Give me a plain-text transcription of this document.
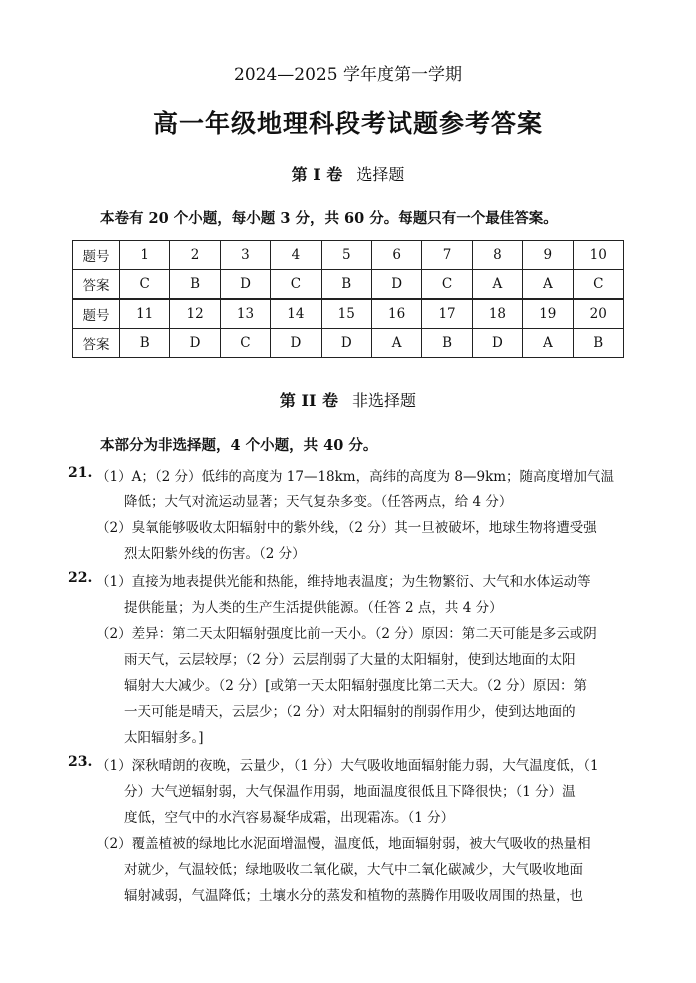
2024—2025 学年度第一学期
高一年级地理科段考试题参考答案
第 I 卷 选择题
本卷有 20 个小题，每小题 3 分，共 60 分。每题只有一个最佳答案。
题号	1	2	3	4	5	6	7	8	9	10
答案	C	B	D	C	B	D	C	A	A	C
题号	11	12	13	14	15	16	17	18	19	20
答案	B	D	C	D	D	A	B	D	A	B
第 II 卷 非选择题
本部分为非选择题，4 个小题，共 40 分。
21. （1）A；（2 分）低纬的高度为 17—18km，高纬的高度为 8—9km；随高度增加气温
降低；大气对流运动显著；天气复杂多变。（任答两点，给 4 分）
（2）臭氧能够吸收太阳辐射中的紫外线，（2 分）其一旦被破坏，地球生物将遭受强
烈太阳紫外线的伤害。（2 分）
22. （1）直接为地表提供光能和热能，维持地表温度；为生物繁衍、大气和水体运动等
提供能量；为人类的生产生活提供能源。（任答 2 点，共 4 分）
（2）差异：第二天太阳辐射强度比前一天小。（2 分）原因：第二天可能是多云或阴
雨天气，云层较厚；（2 分）云层削弱了大量的太阳辐射，使到达地面的太阳
辐射大大减少。（2 分）[或第一天太阳辐射强度比第二天大。（2 分）原因：第
一天可能是晴天，云层少；（2 分）对太阳辐射的削弱作用少，使到达地面的
太阳辐射多。]
23. （1）深秋晴朗的夜晚，云量少，（1 分）大气吸收地面辐射能力弱，大气温度低，（1
分）大气逆辐射弱，大气保温作用弱，地面温度很低且下降很快；（1 分）温
度低，空气中的水汽容易凝华成霜，出现霜冻。（1 分）
（2）覆盖植被的绿地比水泥面增温慢，温度低，地面辐射弱，被大气吸收的热量相
对就少，气温较低；绿地吸收二氧化碳，大气中二氧化碳减少，大气吸收地面
辐射减弱，气温降低；土壤水分的蒸发和植物的蒸腾作用吸收周围的热量，也
